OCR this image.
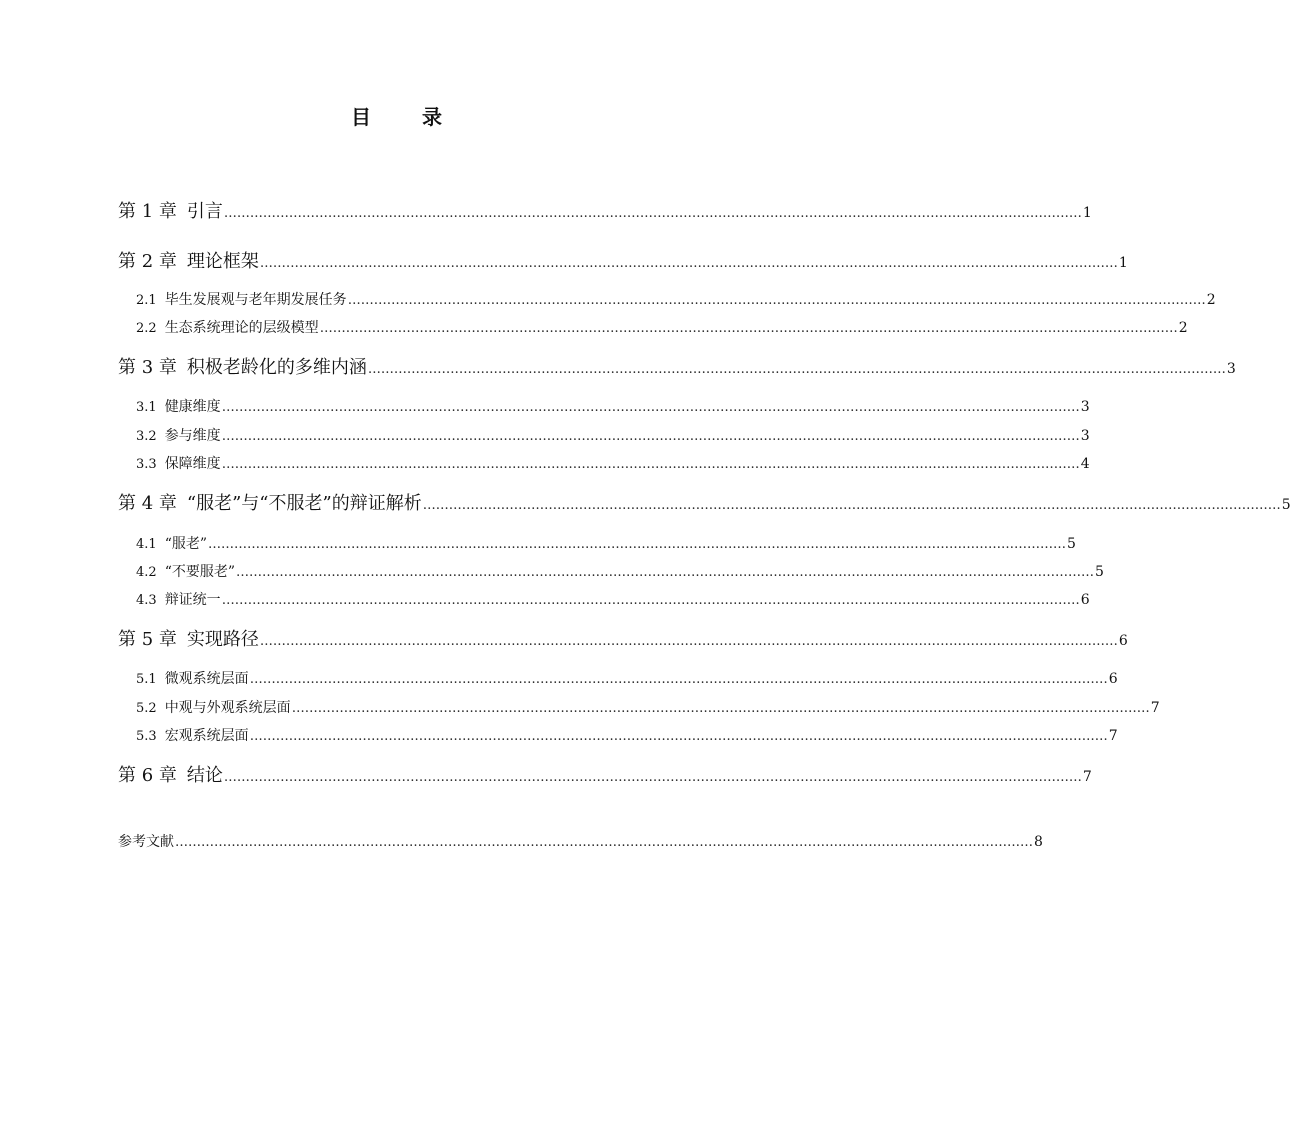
目 录
第 1 章 引言 ……………………………………………………………………………………………………………………………………………………………………………… 1
第 2 章 理论框架 ……………………………………………………………………………………………………………………………………………………………………………… 1
2.1 毕生发展观与老年期发展任务 ……………………………………………………………………………………………………………………………………………………………………………… 2
2.2 生态系统理论的层级模型 ……………………………………………………………………………………………………………………………………………………………………………… 2
第 3 章 积极老龄化的多维内涵 ……………………………………………………………………………………………………………………………………………………………………………… 3
3.1 健康维度 ……………………………………………………………………………………………………………………………………………………………………………… 3
3.2 参与维度 ……………………………………………………………………………………………………………………………………………………………………………… 3
3.3 保障维度 ……………………………………………………………………………………………………………………………………………………………………………… 4
第 4 章 “服老”与“不服老”的辩证解析 ……………………………………………………………………………………………………………………………………………………………………………… 5
4.1 “服老” ……………………………………………………………………………………………………………………………………………………………………………… 5
4.2 “不要服老” ……………………………………………………………………………………………………………………………………………………………………………… 5
4.3 辩证统一 ……………………………………………………………………………………………………………………………………………………………………………… 6
第 5 章 实现路径 ……………………………………………………………………………………………………………………………………………………………………………… 6
5.1 微观系统层面 ……………………………………………………………………………………………………………………………………………………………………………… 6
5.2 中观与外观系统层面 ……………………………………………………………………………………………………………………………………………………………………………… 7
5.3 宏观系统层面 ……………………………………………………………………………………………………………………………………………………………………………… 7
第 6 章 结论 ……………………………………………………………………………………………………………………………………………………………………………… 7
参考文献 ……………………………………………………………………………………………………………………………………………………………………………… 8
